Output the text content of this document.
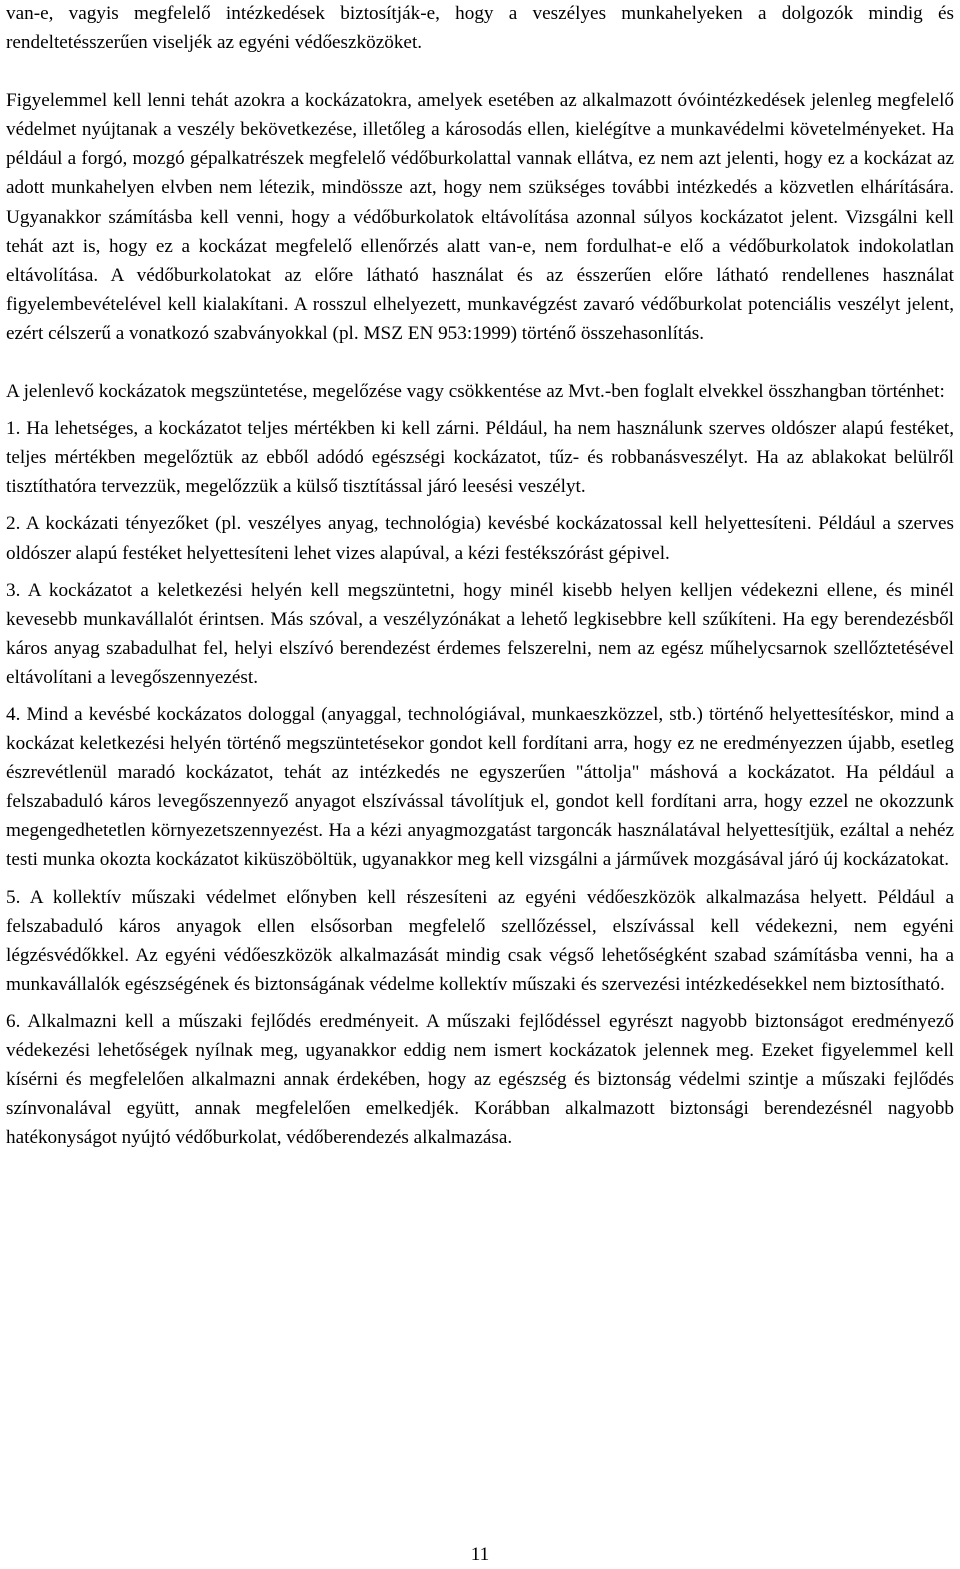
van-e, vagyis megfelelő intézkedések biztosítják-e, hogy a veszélyes munkahelyeken a dolgozók mindig és rendeltetésszerűen viseljék az egyéni védőeszközöket.

Figyelemmel kell lenni tehát azokra a kockázatokra, amelyek esetében az alkalmazott óvóintézkedések jelenleg megfelelő védelmet nyújtanak a veszély bekövetkezése, illetőleg a károsodás ellen, kielégítve a munkavédelmi követelményeket. Ha például a forgó, mozgó gépalkatrészek megfelelő védőburkolattal vannak ellátva, ez nem azt jelenti, hogy ez a kockázat az adott munkahelyen elvben nem létezik, mindössze azt, hogy nem szükséges további intézkedés a közvetlen elhárítására. Ugyanakkor számításba kell venni, hogy a védőburkolatok eltávolítása azonnal súlyos kockázatot jelent. Vizsgálni kell tehát azt is, hogy ez a kockázat megfelelő ellenőrzés alatt van-e, nem fordulhat-e elő a védőburkolatok indokolatlan eltávolítása. A védőburkolatokat az előre látható használat és az ésszerűen előre látható rendellenes használat figyelembevételével kell kialakítani. A rosszul elhelyezett, munkavégzést zavaró védőburkolat potenciális veszélyt jelent, ezért célszerű a vonatkozó szabványokkal (pl. MSZ EN 953:1999) történő összehasonlítás.

A jelenlevő kockázatok megszüntetése, megelőzése vagy csökkentése az Mvt.-ben foglalt elvekkel összhangban történhet:

1. Ha lehetséges, a kockázatot teljes mértékben ki kell zárni. Például, ha nem használunk szerves oldószer alapú festéket, teljes mértékben megelőztük az ebből adódó egészségi kockázatot, tűz- és robbanásveszélyt. Ha az ablakokat belülről tisztíthatóra tervezzük, megelőzzük a külső tisztítással járó leesési veszélyt.

2. A kockázati tényezőket (pl. veszélyes anyag, technológia) kevésbé kockázatossal kell helyettesíteni. Például a szerves oldószer alapú festéket helyettesíteni lehet vizes alapúval, a kézi festékszórást gépivel.

3. A kockázatot a keletkezési helyén kell megszüntetni, hogy minél kisebb helyen kelljen védekezni ellene, és minél kevesebb munkavállalót érintsen. Más szóval, a veszélyzónákat a lehető legkisebbre kell szűkíteni. Ha egy berendezésből káros anyag szabadulhat fel, helyi elszívó berendezést érdemes felszerelni, nem az egész műhelycsarnok szellőztetésével eltávolítani a levegőszennyezést.

4. Mind a kevésbé kockázatos dologgal (anyaggal, technológiával, munkaeszközzel, stb.) történő helyettesítéskor, mind a kockázat keletkezési helyén történő megszüntetésekor gondot kell fordítani arra, hogy ez ne eredményezzen újabb, esetleg észrevétlenül maradó kockázatot, tehát az intézkedés ne egyszerűen "áttolja" máshová a kockázatot. Ha például a felszabaduló káros levegőszennyező anyagot elszívással távolítjuk el, gondot kell fordítani arra, hogy ezzel ne okozzunk megengedhetetlen környezetszennyezést. Ha a kézi anyagmozgatást targoncák használatával helyettesítjük, ezáltal a nehéz testi munka okozta kockázatot kiküszöböltük, ugyanakkor meg kell vizsgálni a járművek mozgásával járó új kockázatokat.

5. A kollektív műszaki védelmet előnyben kell részesíteni az egyéni védőeszközök alkalmazása helyett. Például a felszabaduló káros anyagok ellen elsősorban megfelelő szellőzéssel, elszívással kell védekezni, nem egyéni légzésvédőkkel. Az egyéni védőeszközök alkalmazását mindig csak végső lehetőségként szabad számításba venni, ha a munkavállalók egészségének és biztonságának védelme kollektív műszaki és szervezési intézkedésekkel nem biztosítható.

6. Alkalmazni kell a műszaki fejlődés eredményeit. A műszaki fejlődéssel egyrészt nagyobb biztonságot eredményező védekezési lehetőségek nyílnak meg, ugyanakkor eddig nem ismert kockázatok jelennek meg. Ezeket figyelemmel kell kísérni és megfelelően alkalmazni annak érdekében, hogy az egészség és biztonság védelmi szintje a műszaki fejlődés színvonalával együtt, annak megfelelően emelkedjék. Korábban alkalmazott biztonsági berendezésnél nagyobb hatékonyságot nyújtó védőburkolat, védőberendezés alkalmazása.

11
